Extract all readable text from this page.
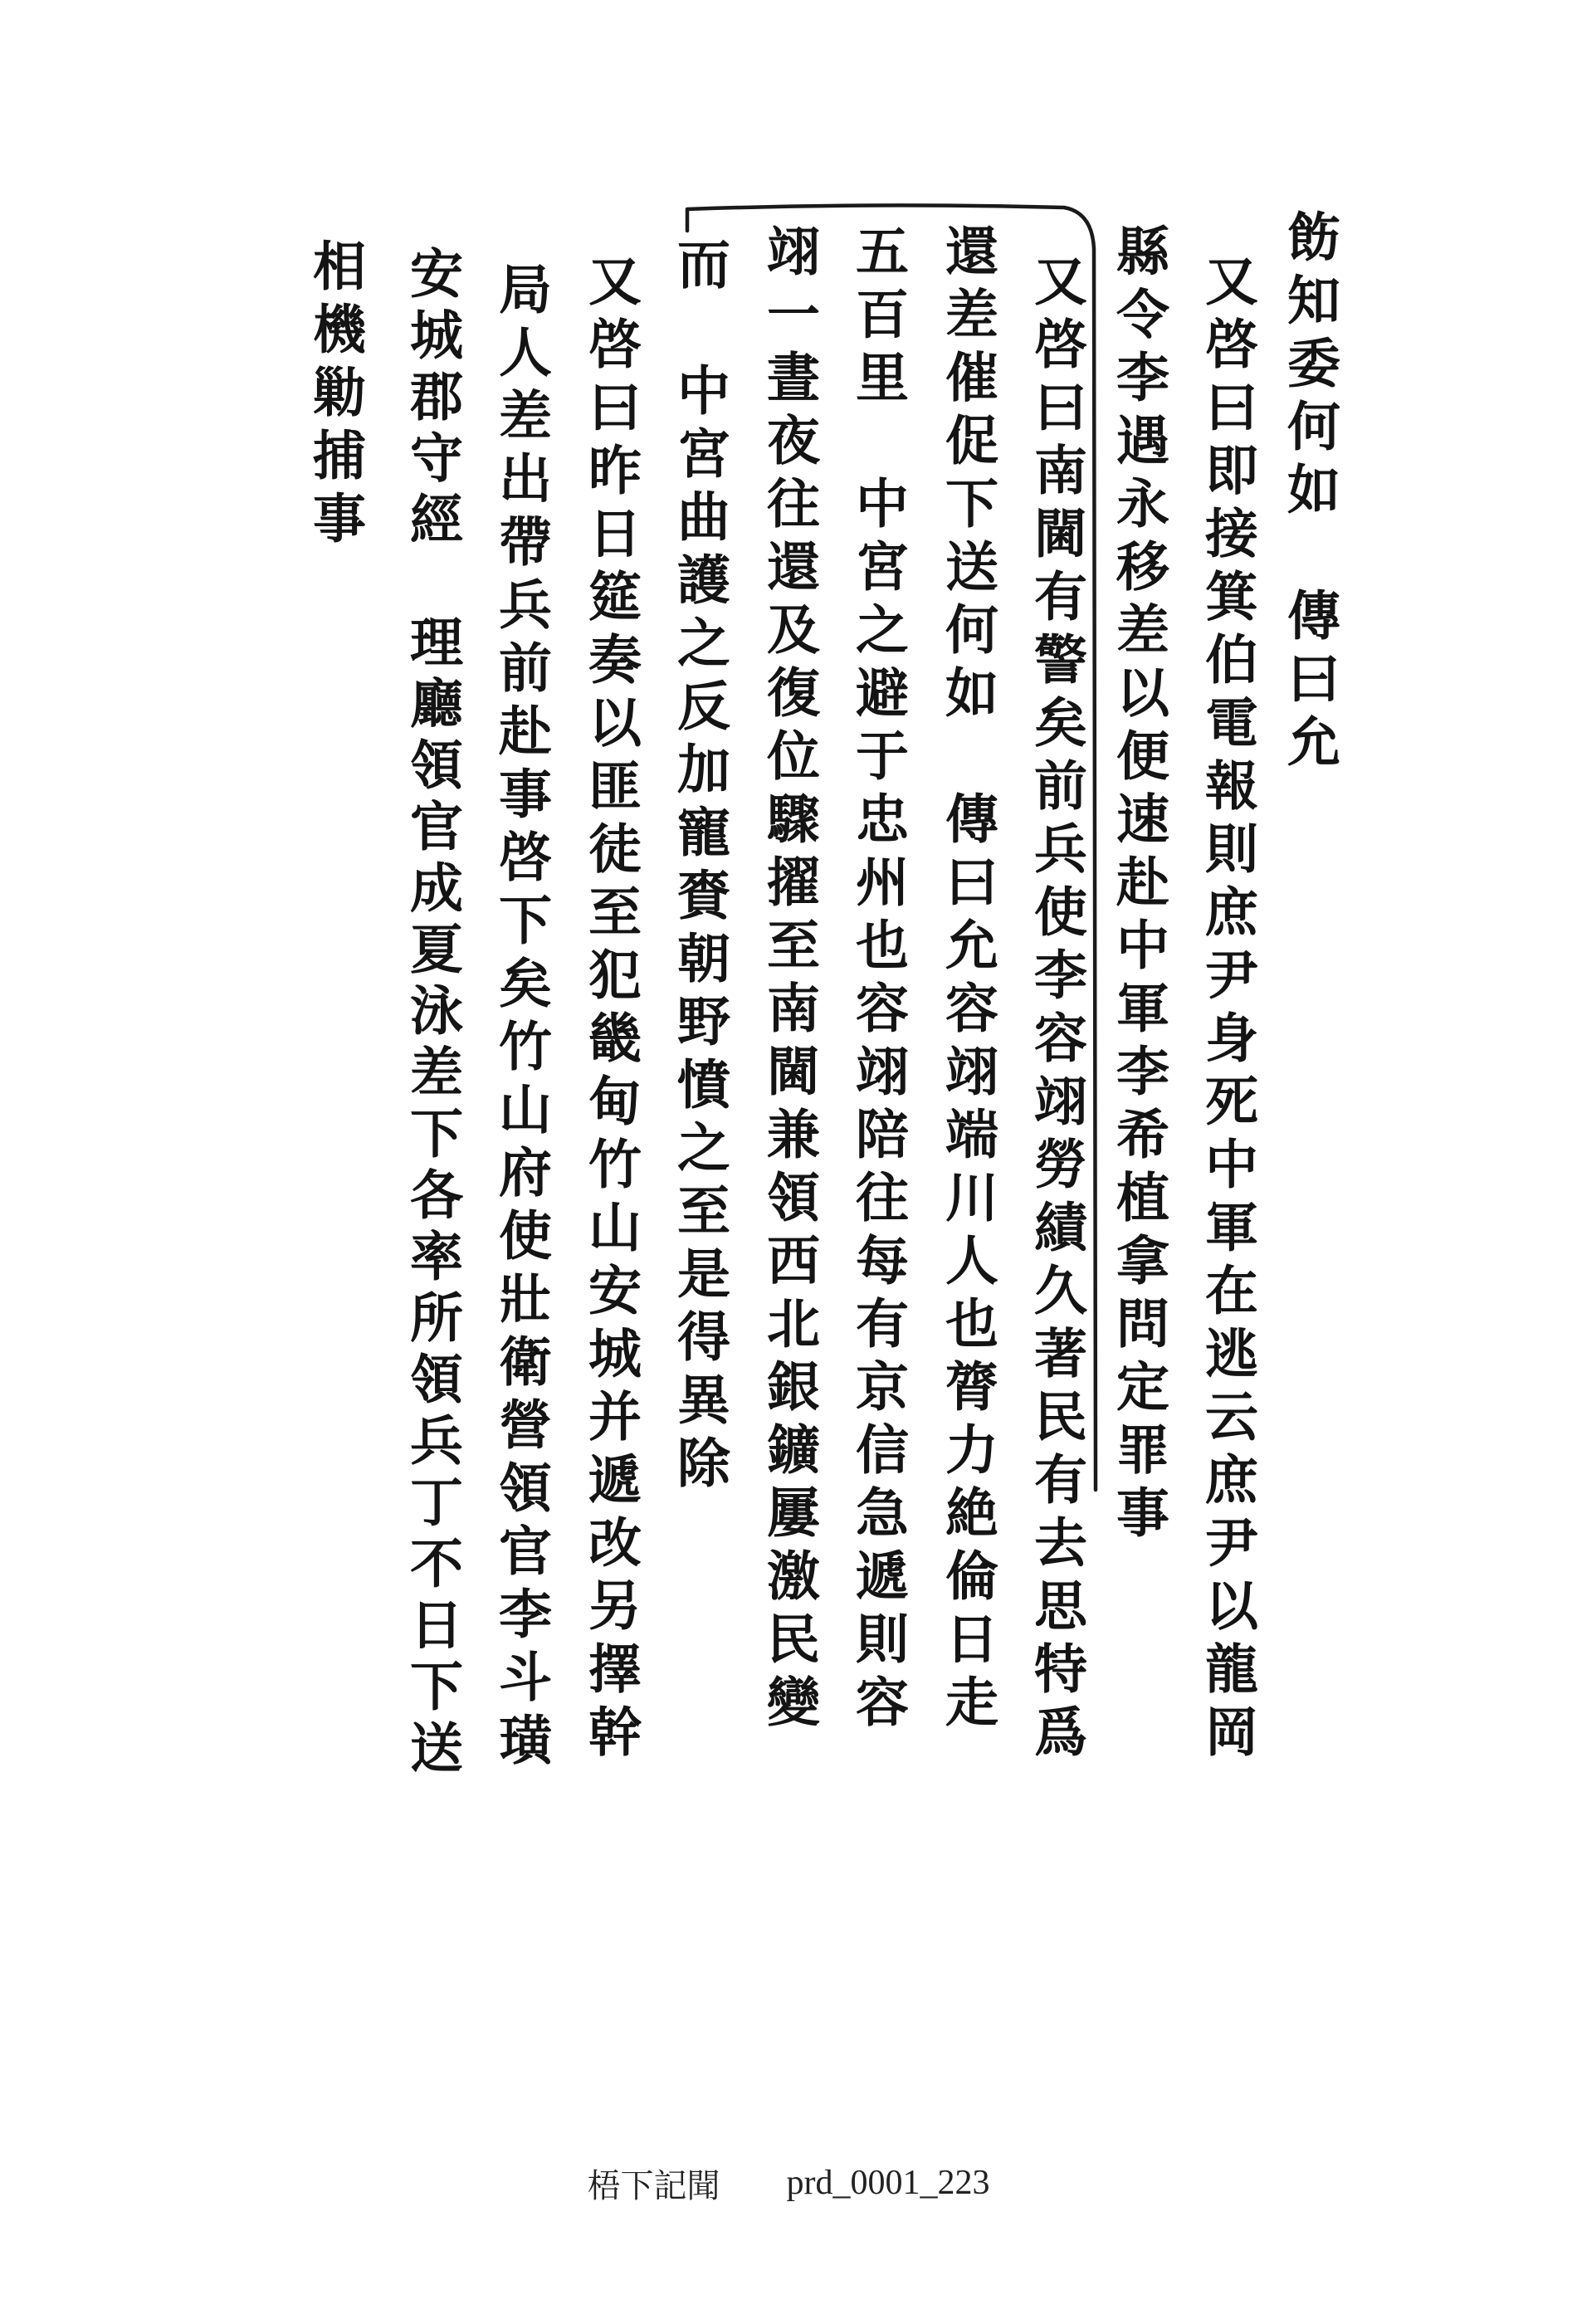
飭知委何如　傳曰允
又啓曰即接箕伯電報則庶尹身死中軍在逃云庶尹以龍岡
縣令李遇永移差以便速赴中軍李希植拿問定罪事
又啓曰南閫有警矣前兵使李容翊勞績久著民有去思特爲
還差催促下送何如　傳曰允容翊端川人也膂力絶倫日走
五百里　中宮之避于忠州也容翊陪往每有京信急遞則容
翊一晝夜往還及復位驟擢至南閫兼領西北銀鑛屢激民變
而　中宮曲護之反加寵賚朝野憤之至是得異除
又啓曰昨日筵奏以匪徒至犯畿甸竹山安城并遞改另擇幹
局人差出帶兵前赴事啓下矣竹山府使壯衛營領官李斗璜
安城郡守經　理廳領官成夏泳差下各率所領兵丁不日下送
相機勦捕事
梧下記聞 prd_0001_223
